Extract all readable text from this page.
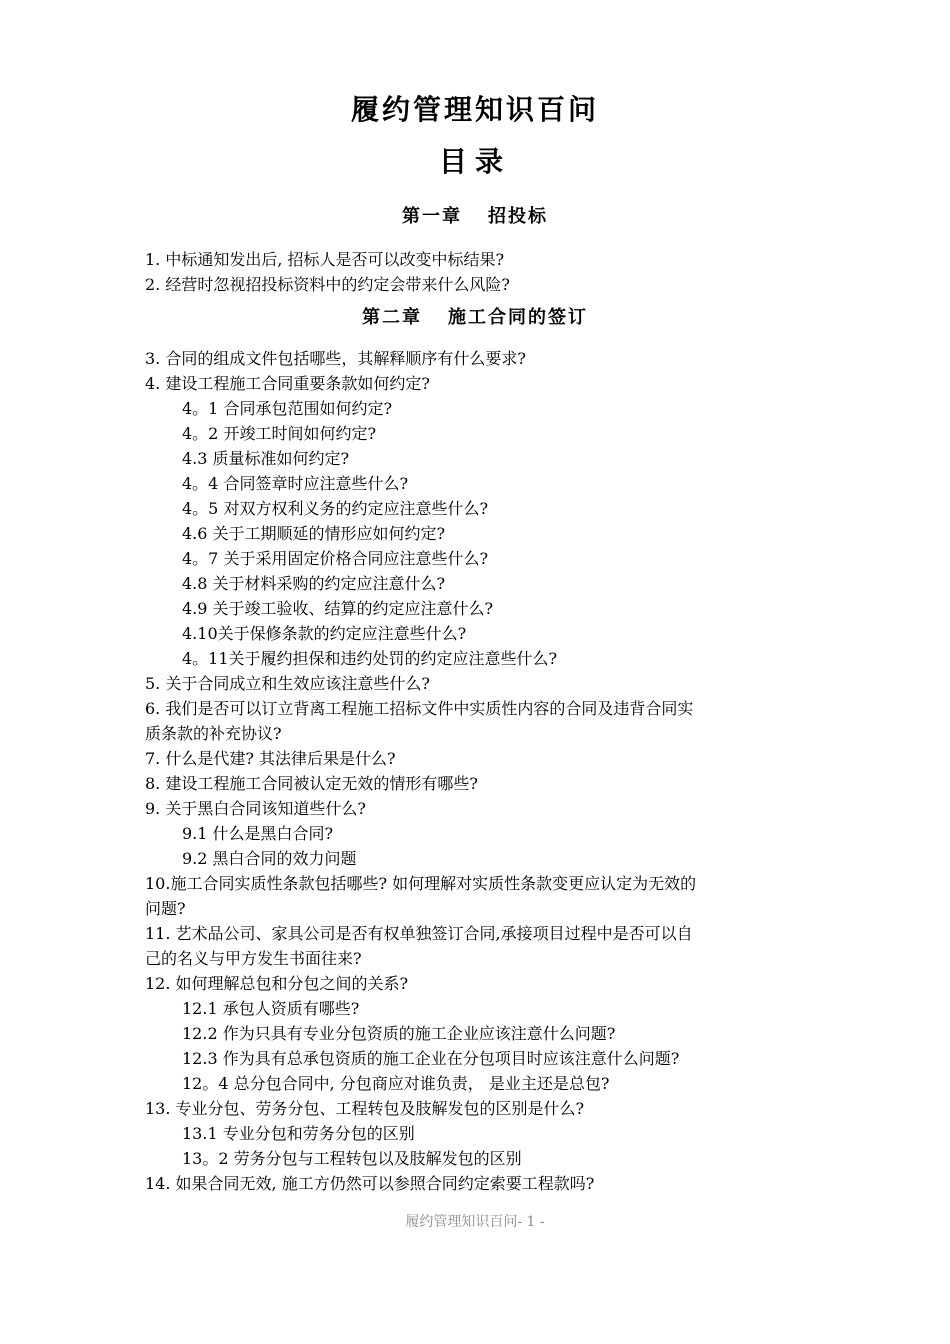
履约管理知识百问
目录
第一章 招投标
1. 中标通知发出后, 招标人是否可以改变中标结果?
2. 经营时忽视招投标资料中的约定会带来什么风险?
第二章 施工合同的签订
3. 合同的组成文件包括哪些，其解释顺序有什么要求?
4. 建设工程施工合同重要条款如何约定?
4。1 合同承包范围如何约定?
4。2 开竣工时间如何约定?
4.3 质量标准如何约定?
4。4 合同签章时应注意些什么?
4。5 对双方权利义务的约定应注意些什么?
4.6 关于工期顺延的情形应如何约定?
4。7 关于采用固定价格合同应注意些什么?
4.8 关于材料采购的约定应注意什么?
4.9 关于竣工验收、结算的约定应注意什么?
4.10关于保修条款的约定应注意些什么?
4。11关于履约担保和违约处罚的约定应注意些什么?
5. 关于合同成立和生效应该注意些什么?
6. 我们是否可以订立背离工程施工招标文件中实质性内容的合同及违背合同实
质条款的补充协议?
7. 什么是代建? 其法律后果是什么?
8. 建设工程施工合同被认定无效的情形有哪些?
9. 关于黑白合同该知道些什么?
9.1 什么是黑白合同?
9.2 黑白合同的效力问题
10.施工合同实质性条款包括哪些? 如何理解对实质性条款变更应认定为无效的
问题?
11. 艺术品公司、家具公司是否有权单独签订合同,承接项目过程中是否可以自
己的名义与甲方发生书面往来?
12. 如何理解总包和分包之间的关系?
12.1 承包人资质有哪些?
12.2 作为只具有专业分包资质的施工企业应该注意什么问题?
12.3 作为具有总承包资质的施工企业在分包项目时应该注意什么问题?
12。4 总分包合同中, 分包商应对谁负责， 是业主还是总包?
13. 专业分包、劳务分包、工程转包及肢解发包的区别是什么?
13.1 专业分包和劳务分包的区别
13。2 劳务分包与工程转包以及肢解发包的区别
14. 如果合同无效, 施工方仍然可以参照合同约定索要工程款吗?
履约管理知识百问- 1 -
